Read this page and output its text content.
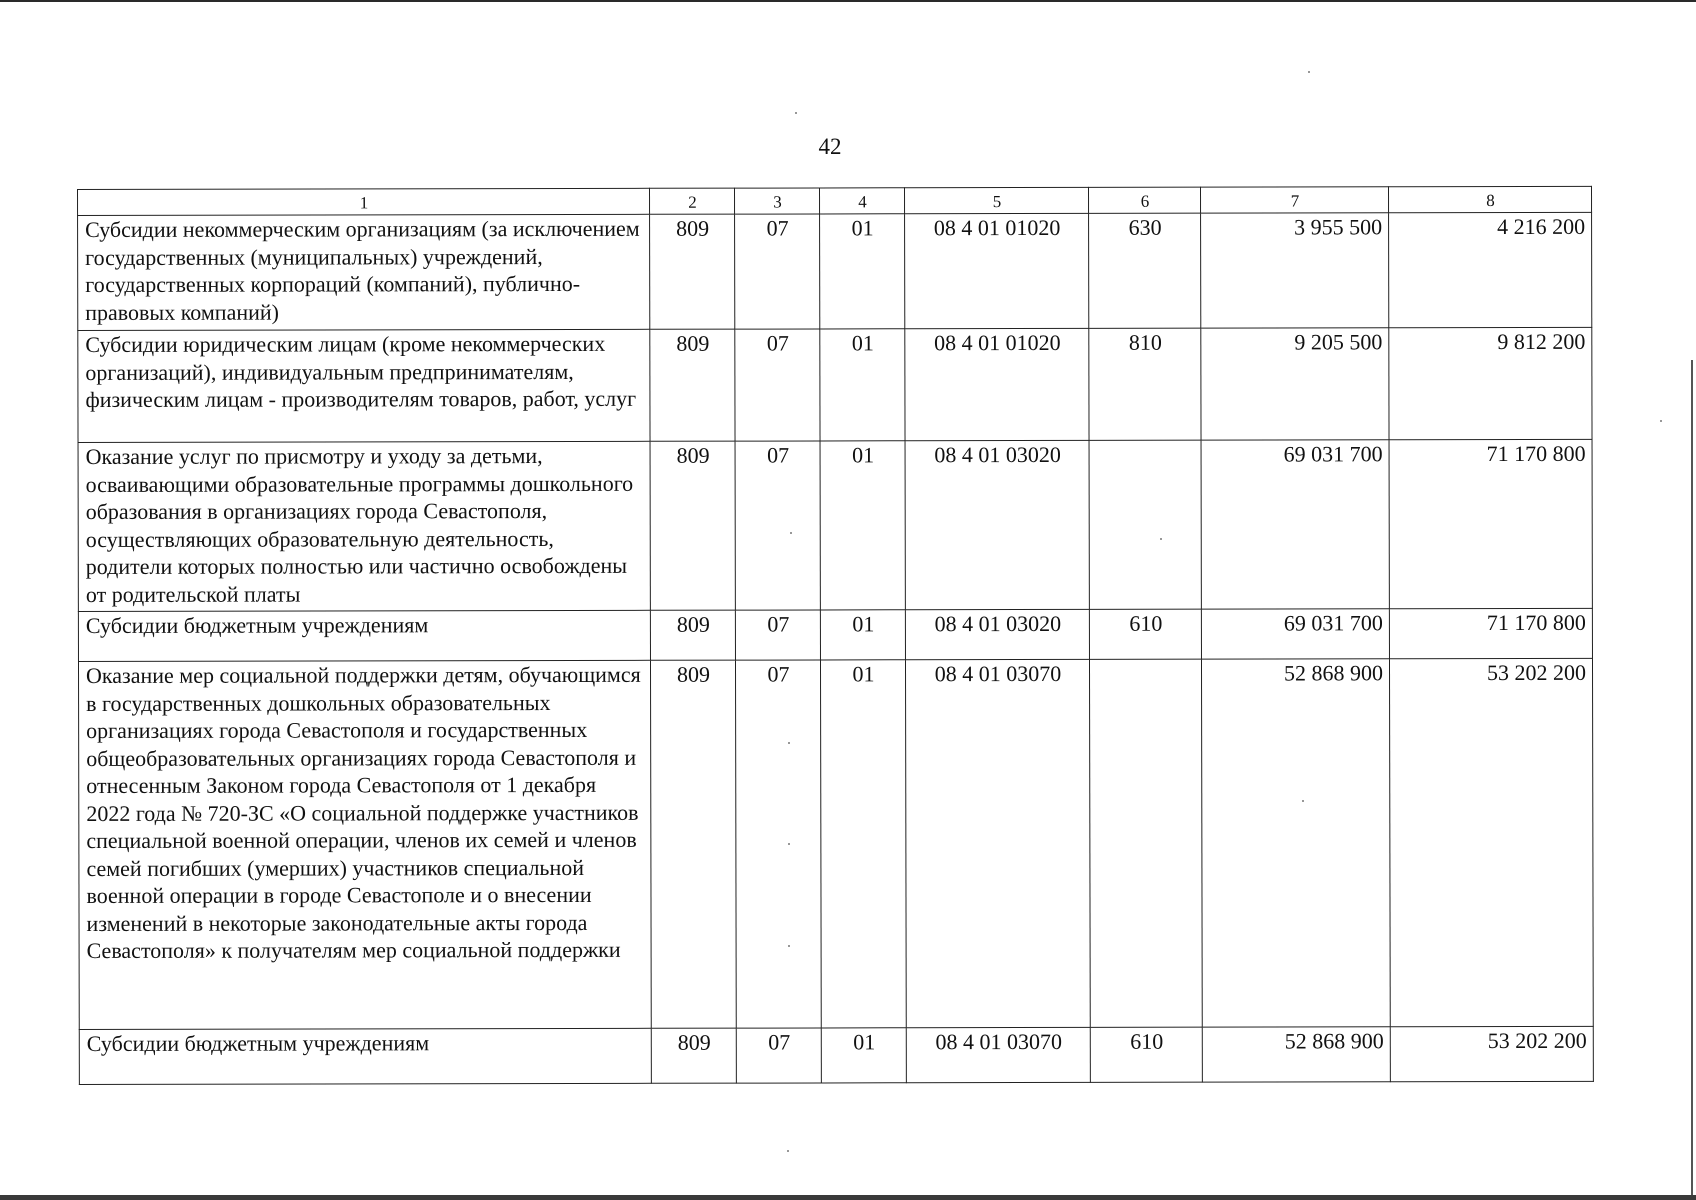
42
1	2	3	4	5	6	7	8
Субсидии некоммерческим организациям (за исключением государственных (муниципальных) учреждений, государственных корпораций (компаний), публично-правовых компаний)	809	07	01	08 4 01 01020	630	3 955 500	4 216 200
Субсидии юридическим лицам (кроме некоммерческих организаций), индивидуальным предпринимателям, физическим лицам - производителям товаров, работ, услуг	809	07	01	08 4 01 01020	810	9 205 500	9 812 200
Оказание услуг по присмотру и уходу за детьми, осваивающими образовательные программы дошкольного образования в организациях города Севастополя, осуществляющих образовательную деятельность, родители которых полностью или частично освобождены от родительской платы	809	07	01	08 4 01 03020		69 031 700	71 170 800
Субсидии бюджетным учреждениям	809	07	01	08 4 01 03020	610	69 031 700	71 170 800
Оказание мер социальной поддержки детям, обучающимся в государственных дошкольных образовательных организациях города Севастополя и государственных общеобразовательных организациях города Севастополя и отнесенным Законом города Севастополя от 1 декабря 2022 года № 720-ЗС «О социальной поддержке участников специальной военной операции, членов их семей и членов семей погибших (умерших) участников специальной военной операции в городе Севастополе и о внесении изменений в некоторые законодательные акты города Севастополя» к получателям мер социальной поддержки	809	07	01	08 4 01 03070		52 868 900	53 202 200
Субсидии бюджетным учреждениям	809	07	01	08 4 01 03070	610	52 868 900	53 202 200
